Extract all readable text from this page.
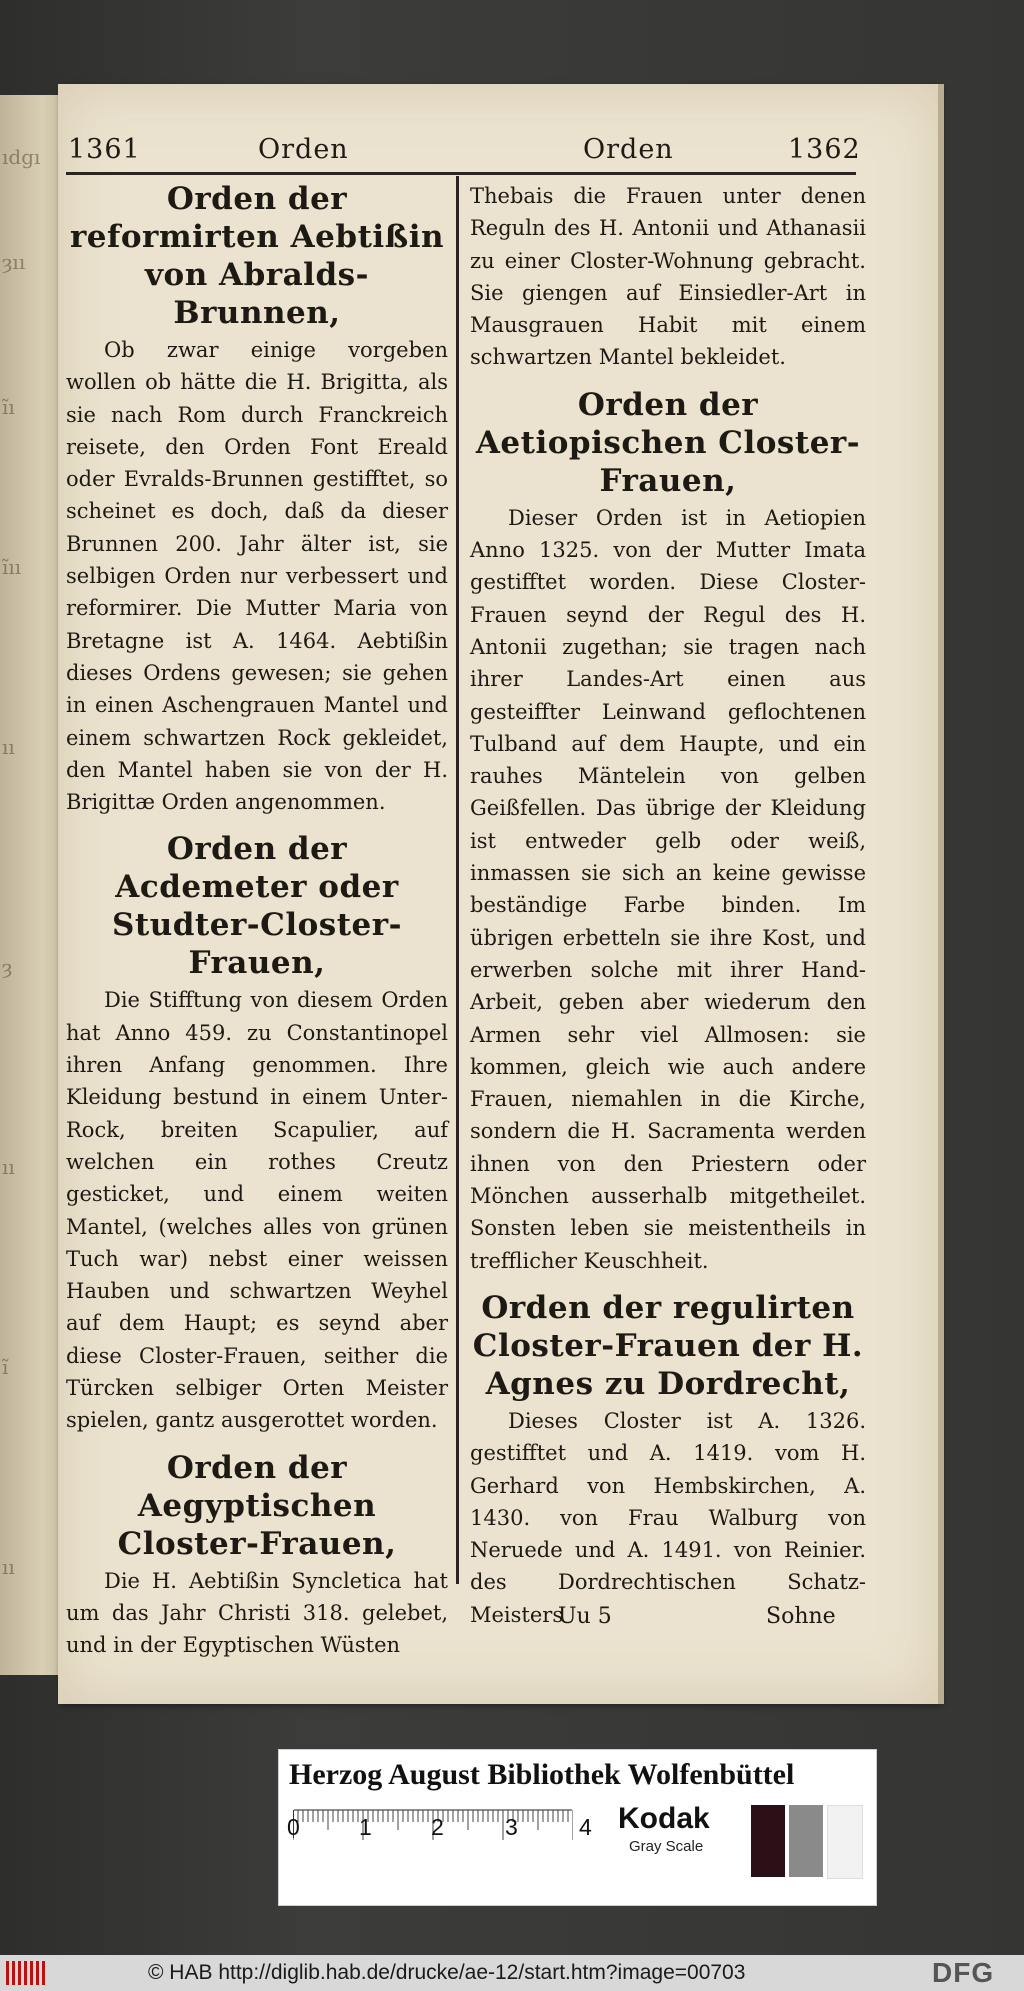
ıdgı
ȝıı
ı̃ı
ĩıı
ıı
ȝ
ıı
ı̃
ıı
1361	Orden	Orden	1362
Orden der reformirten Aebtißin von Abralds-Brunnen,
Ob zwar einige vorgeben wollen ob hätte die H. Brigitta, als sie nach Rom durch Franckreich reisete, den Orden Font Ereald oder Evralds-Brunnen gestifftet, so scheinet es doch, daß da dieser Brunnen 200. Jahr älter ist, sie selbigen Orden nur verbessert und reformirer. Die Mutter Maria von Bretagne ist A. 1464. Aebtißin dieses Ordens gewesen; sie gehen in einen Aschengrauen Mantel und einem schwartzen Rock gekleidet, den Mantel haben sie von der H. Brigittæ Orden angenommen.
Orden der Acdemeter oder Studter-Closter-Frauen,
Die Stifftung von diesem Orden hat Anno 459. zu Constantinopel ihren Anfang genommen. Ihre Kleidung bestund in einem Unter-Rock, breiten Scapulier, auf welchen ein rothes Creutz gesticket, und einem weiten Mantel, (welches alles von grünen Tuch war) nebst einer weissen Hauben und schwartzen Weyhel auf dem Haupt; es seynd aber diese Closter-Frauen, seither die Türcken selbiger Orten Meister spielen, gantz ausgerottet worden.
Orden der Aegyptischen Closter-Frauen,
Die H. Aebtißin Syncletica hat um das Jahr Christi 318. gelebet, und in der Egyptischen Wüsten
Thebais die Frauen unter denen Reguln des H. Antonii und Athanasii zu einer Closter-Wohnung gebracht. Sie giengen auf Einsiedler-Art in Mausgrauen Habit mit einem schwartzen Mantel bekleidet.
Orden der Aetiopischen Closter-Frauen,
Dieser Orden ist in Aetiopien Anno 1325. von der Mutter Imata gestifftet worden. Diese Closter-Frauen seynd der Regul des H. Antonii zugethan; sie tragen nach ihrer Landes-Art einen aus gesteiffter Leinwand geflochtenen Tulband auf dem Haupte, und ein rauhes Mäntelein von gelben Geißfellen. Das übrige der Kleidung ist entweder gelb oder weiß, inmassen sie sich an keine gewisse beständige Farbe binden. Im übrigen erbetteln sie ihre Kost, und erwerben solche mit ihrer Hand-Arbeit, geben aber wiederum den Armen sehr viel Allmosen: sie kommen, gleich wie auch andere Frauen, niemahlen in die Kirche, sondern die H. Sacramenta werden ihnen von den Priestern oder Mönchen ausserhalb mitgetheilet. Sonsten leben sie meistentheils in trefflicher Keuschheit.
Orden der regulirten Closter-Frauen der H. Agnes zu Dordrecht,
Dieses Closter ist A. 1326. gestifftet und A. 1419. vom H. Gerhard von Hembskirchen, A. 1430. von Frau Walburg von Neruede und A. 1491. von Reinier. des Dordrechtischen Schatz-Meisters
Uu 5	Sohne
Herzog August Bibliothek Wolfenbüttel
0	1	2	3	4 Kodak
Gray Scale
© HAB http://diglib.hab.de/drucke/ae-12/start.htm?image=00703	DFG
